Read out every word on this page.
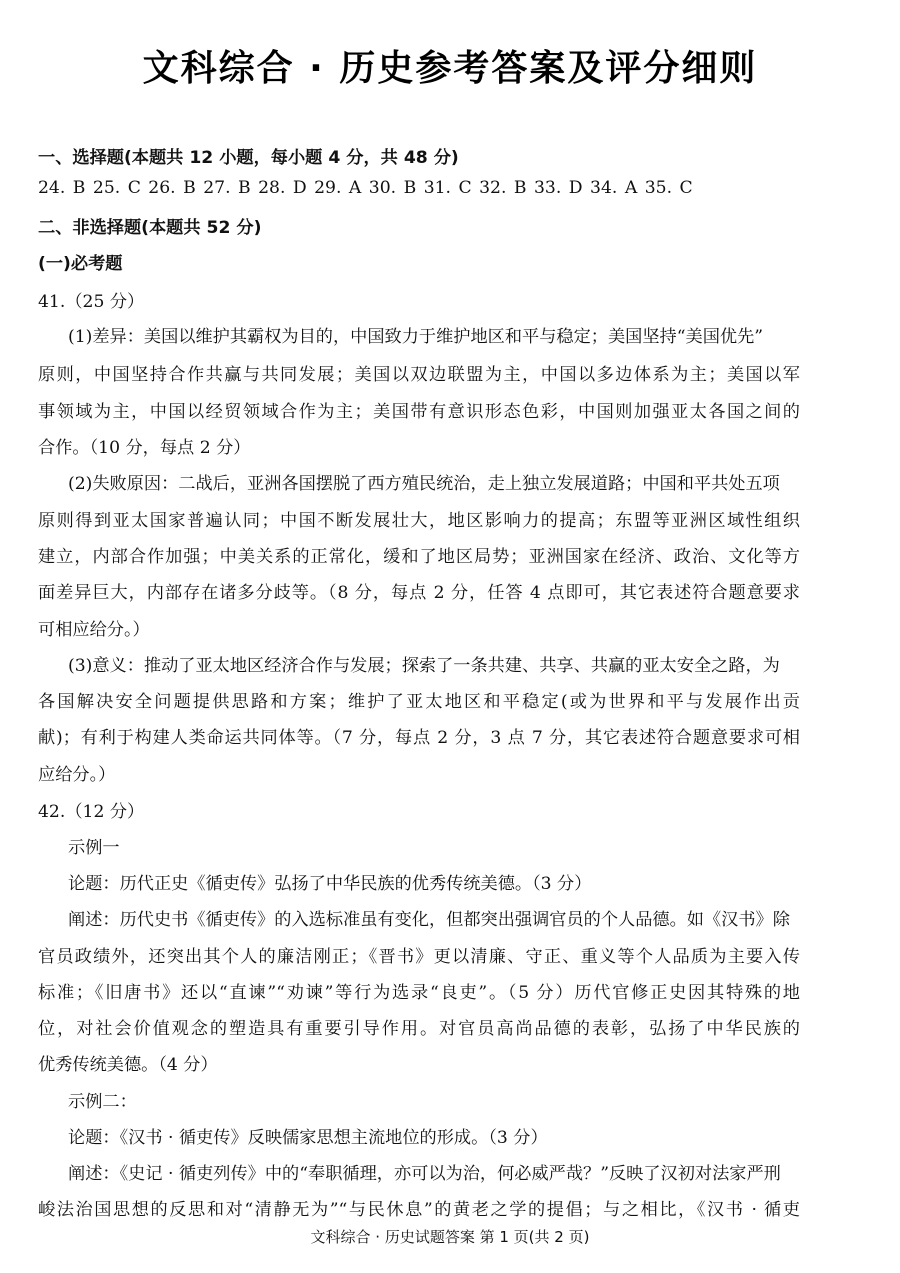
文科综合 · 历史参考答案及评分细则
一、选择题(本题共 12 小题，每小题 4 分，共 48 分)
24. B 25. C 26. B 27. B 28. D 29. A 30. B 31. C 32. B 33. D 34. A 35. C
二、非选择题(本题共 52 分)
(一)必考题
41.（25 分）
(1)差异：美国以维护其霸权为目的，中国致力于维护地区和平与稳定；美国坚持“美国优先”
原则，中国坚持合作共赢与共同发展；美国以双边联盟为主，中国以多边体系为主；美国以军
事领域为主，中国以经贸领域合作为主；美国带有意识形态色彩，中国则加强亚太各国之间的
合作。（10 分，每点 2 分）
(2)失败原因：二战后，亚洲各国摆脱了西方殖民统治，走上独立发展道路；中国和平共处五项
原则得到亚太国家普遍认同；中国不断发展壮大，地区影响力的提高；东盟等亚洲区域性组织
建立，内部合作加强；中美关系的正常化，缓和了地区局势；亚洲国家在经济、政治、文化等方
面差异巨大，内部存在诸多分歧等。（8 分，每点 2 分，任答 4 点即可，其它表述符合题意要求
可相应给分。）
(3)意义：推动了亚太地区经济合作与发展；探索了一条共建、共享、共赢的亚太安全之路，为
各国解决安全问题提供思路和方案；维护了亚太地区和平稳定(或为世界和平与发展作出贡
献)；有利于构建人类命运共同体等。（7 分，每点 2 分，3 点 7 分，其它表述符合题意要求可相
应给分。）
42.（12 分）
示例一
论题：历代正史《循吏传》弘扬了中华民族的优秀传统美德。（3 分）
阐述：历代史书《循吏传》的入选标准虽有变化，但都突出强调官员的个人品德。如《汉书》除
官员政绩外，还突出其个人的廉洁刚正；《晋书》更以清廉、守正、重义等个人品质为主要入传
标准；《旧唐书》还以“直谏”“劝谏”等行为选录“良吏”。（5 分）历代官修正史因其特殊的地
位，对社会价值观念的塑造具有重要引导作用。对官员高尚品德的表彰，弘扬了中华民族的
优秀传统美德。（4 分）
示例二：
论题：《汉书 · 循吏传》反映儒家思想主流地位的形成。（3 分）
阐述：《史记 · 循吏列传》中的“奉职循理，亦可以为治，何必威严哉？”反映了汉初对法家严刑
峻法治国思想的反思和对“清静无为”“与民休息”的黄老之学的提倡；与之相比，《汉书 · 循吏
文科综合 · 历史试题答案 第 1 页(共 2 页)
